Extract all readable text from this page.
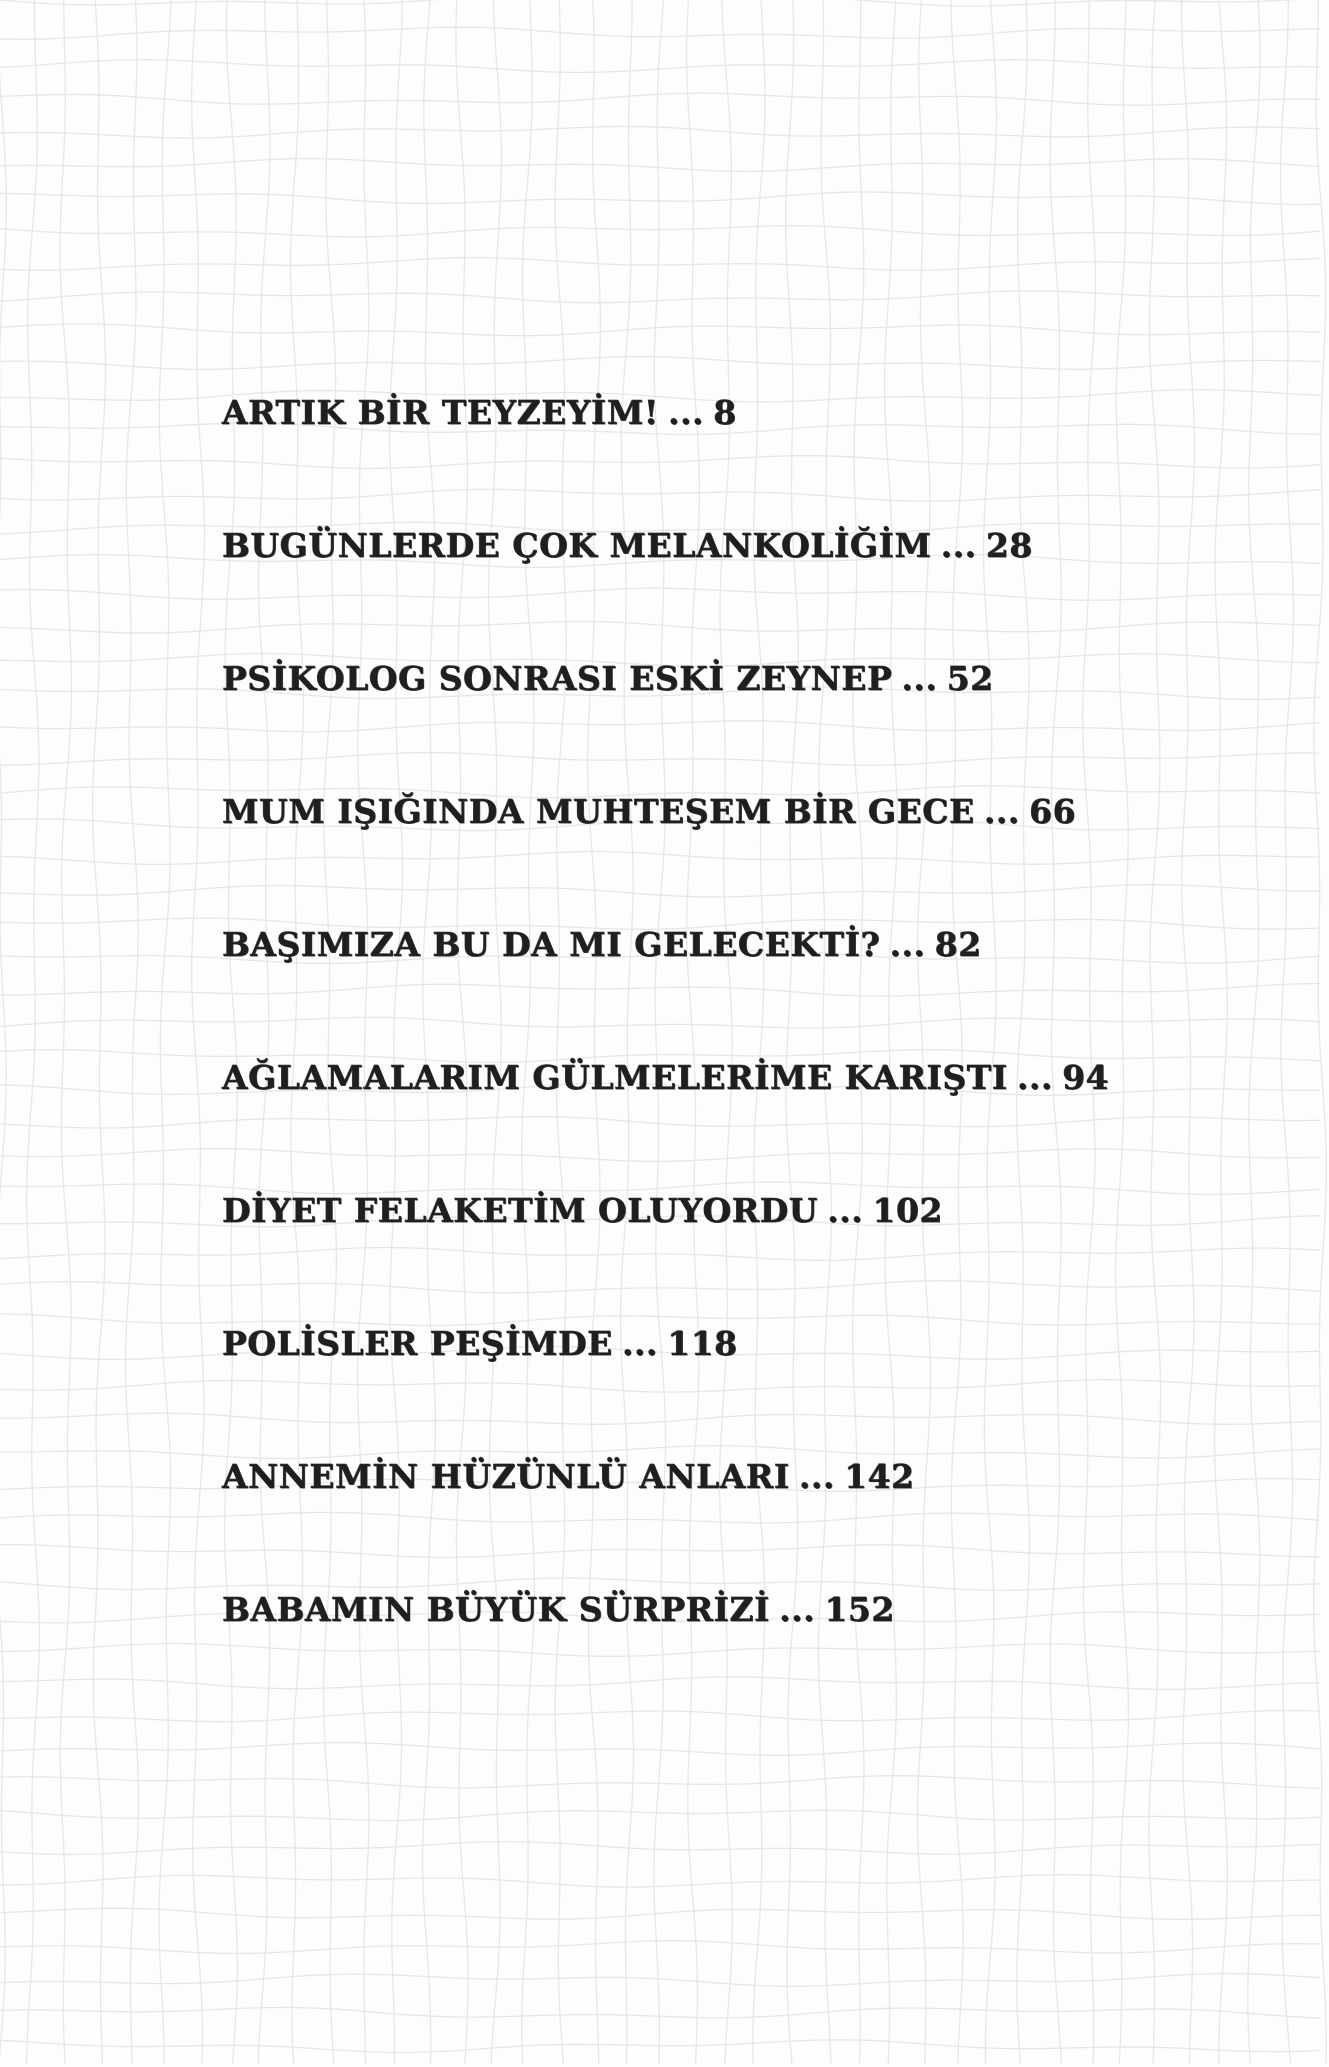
ARTIK BİR TEYZEYİM! ... 8
BUGÜNLERDE ÇOK MELANKOLİĞİM ... 28
PSİKOLOG SONRASI ESKİ ZEYNEP ... 52
MUM IŞIĞINDA MUHTEŞEM BİR GECE ... 66
BAŞIMIZA BU DA MI GELECEKTİ? ... 82
AĞLAMALARIM GÜLMELERİME KARIŞTI ... 94
DİYET FELAKETİM OLUYORDU ... 102
POLİSLER PEŞİMDE ... 118
ANNEMİN HÜZÜNLÜ ANLARI ... 142
BABAMIN BÜYÜK SÜRPRİZİ ... 152
